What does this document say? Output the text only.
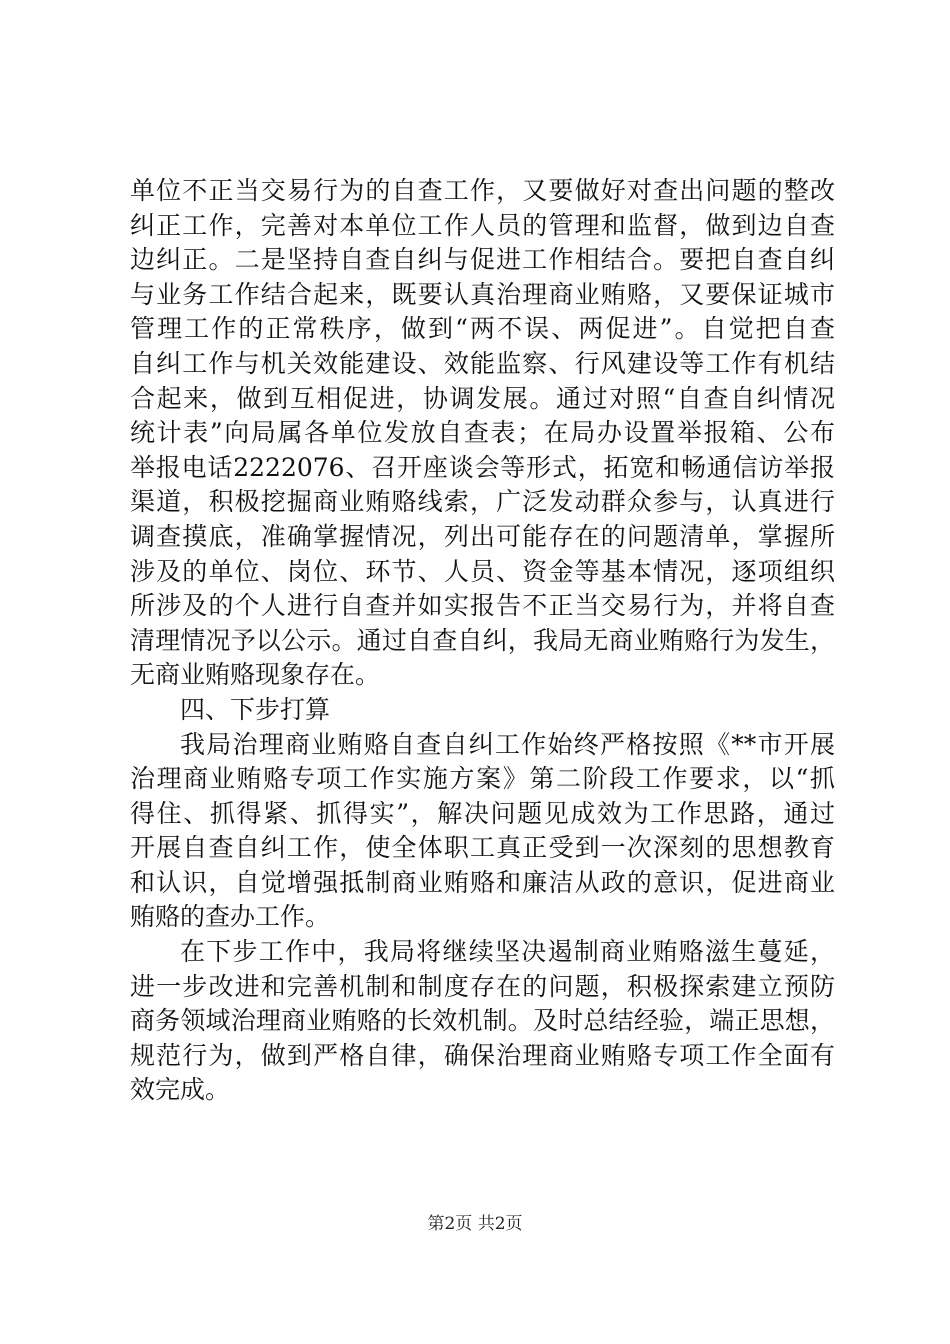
单位不正当交易行为的自查工作，又要做好对查出问题的整改
纠正工作，完善对本单位工作人员的管理和监督，做到边自查
边纠正。二是坚持自查自纠与促进工作相结合。要把自查自纠
与业务工作结合起来，既要认真治理商业贿赂，又要保证城市
管理工作的正常秩序，做到“两不误、两促进”。自觉把自查
自纠工作与机关效能建设、效能监察、行风建设等工作有机结
合起来，做到互相促进，协调发展。通过对照“自查自纠情况
统计表”向局属各单位发放自查表；在局办设置举报箱、公布
举报电话2222076、召开座谈会等形式，拓宽和畅通信访举报
渠道，积极挖掘商业贿赂线索，广泛发动群众参与，认真进行
调查摸底，准确掌握情况，列出可能存在的问题清单，掌握所
涉及的单位、岗位、环节、人员、资金等基本情况，逐项组织
所涉及的个人进行自查并如实报告不正当交易行为，并将自查
清理情况予以公示。通过自查自纠，我局无商业贿赂行为发生，
无商业贿赂现象存在。
四、下步打算
我局治理商业贿赂自查自纠工作始终严格按照《**市开展
治理商业贿赂专项工作实施方案》第二阶段工作要求，以“抓
得住、抓得紧、抓得实”，解决问题见成效为工作思路，通过
开展自查自纠工作，使全体职工真正受到一次深刻的思想教育
和认识，自觉增强抵制商业贿赂和廉洁从政的意识，促进商业
贿赂的查办工作。
在下步工作中，我局将继续坚决遏制商业贿赂滋生蔓延，
进一步改进和完善机制和制度存在的问题，积极探索建立预防
商务领域治理商业贿赂的长效机制。及时总结经验，端正思想，
规范行为，做到严格自律，确保治理商业贿赂专项工作全面有
效完成。
第2页 共2页
